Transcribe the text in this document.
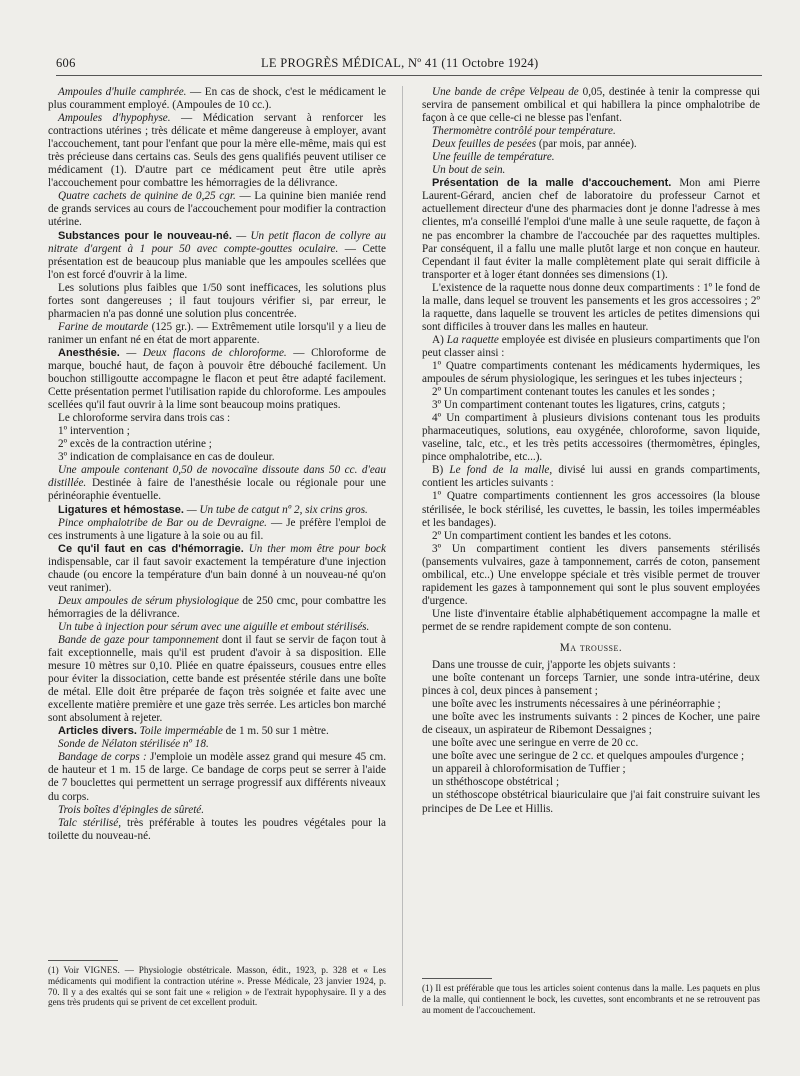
606	LE PROGRÈS MÉDICAL, Nº 41 (11 Octobre 1924)

Ampoules d'huile camphrée. — En cas de shock, c'est le médicament le plus couramment employé. (Ampoules de 10 cc.).

Ampoules d'hypophyse. — Médication servant à renforcer les contractions utérines ; très délicate et même dangereuse à employer, avant l'accouchement, tant pour l'enfant que pour la mère elle-même, mais qui est très précieuse dans certains cas. Seuls des gens qualifiés peuvent utiliser ce médicament (1). D'autre part ce médicament peut être utile après l'accouchement pour combattre les hémorragies de la délivrance.

Quatre cachets de quinine de 0,25 cgr. — La quinine bien maniée rend de grands services au cours de l'accouchement pour modifier la contraction utérine.

Substances pour le nouveau-né. — Un petit flacon de collyre au nitrate d'argent à 1 pour 50 avec compte-gouttes oculaire. — Cette présentation est de beaucoup plus maniable que les ampoules scellées que l'on est forcé d'ouvrir à la lime.

Les solutions plus faibles que 1/50 sont inefficaces, les solutions plus fortes sont dangereuses ; il faut toujours vérifier si, par erreur, le pharmacien n'a pas donné une solution plus concentrée.

Farine de moutarde (125 gr.). — Extrêmement utile lorsqu'il y a lieu de ranimer un enfant né en état de mort apparente.

Anesthésie. — Deux flacons de chloroforme. — Chloroforme de marque, bouché haut, de façon à pouvoir être débouché facilement. Un bouchon stilligoutte accompagne le flacon et peut être adapté facilement. Cette présentation permet l'utilisation rapide du chloroforme. Les ampoules scellées qu'il faut ouvrir à la lime sont beaucoup moins pratiques.

Le chloroforme servira dans trois cas :

1º intervention ;

2º excès de la contraction utérine ;

3º indication de complaisance en cas de douleur.

Une ampoule contenant 0,50 de novocaïne dissoute dans 50 cc. d'eau distillée. Destinée à faire de l'anesthésie locale ou régionale pour une périnéoraphie éventuelle.

Ligatures et hémostase. — Un tube de catgut nº 2, six crins gros.

Pince omphalotribe de Bar ou de Devraigne. — Je préfère l'emploi de ces instruments à une ligature à la soie ou au fil.

Ce qu'il faut en cas d'hémorragie. Un ther mom être pour bock indispensable, car il faut savoir exactement la température d'une injection chaude (ou encore la température d'un bain donné à un nouveau-né qu'on veut ranimer).

Deux ampoules de sérum physiologique de 250 cmc, pour combattre les hémorragies de la délivrance.

Un tube à injection pour sérum avec une aiguille et embout stérilisés.

Bande de gaze pour tamponnement dont il faut se servir de façon tout à fait exceptionnelle, mais qu'il est prudent d'avoir à sa disposition. Elle mesure 10 mètres sur 0,10. Pliée en quatre épaisseurs, cousues entre elles pour éviter la dissociation, cette bande est présentée stérile dans une boîte de métal. Elle doit être préparée de façon très soignée et faite avec une excellente matière première et une gaze très serrée. Les articles bon marché sont absolument à rejeter.

Articles divers. Toile imperméable de 1 m. 50 sur 1 mètre.

Sonde de Nélaton stérilisée nº 18.

Bandage de corps : J'emploie un modèle assez grand qui mesure 45 cm. de hauteur et 1 m. 15 de large. Ce bandage de corps peut se serrer à l'aide de 7 bouclettes qui permettent un serrage progressif aux différents niveaux du corps.

Trois boîtes d'épingles de sûreté.

Talc stérilisé, très préférable à toutes les poudres végétales pour la toilette du nouveau-né.

Une bande de crêpe Velpeau de 0,05, destinée à tenir la compresse qui servira de pansement ombilical et qui habillera la pince omphalotribe de façon à ce que celle-ci ne blesse pas l'enfant.

Thermomètre contrôlé pour température.

Deux feuilles de pesées (par mois, par année).

Une feuille de température.

Un bout de sein.

Présentation de la malle d'accouchement. Mon ami Pierre Laurent-Gérard, ancien chef de laboratoire du professeur Carnot et actuellement directeur d'une des pharmacies dont je donne l'adresse à mes clientes, m'a conseillé l'emploi d'une malle à une seule raquette, de façon à ne pas encombrer la chambre de l'accouchée par des raquettes multiples. Par conséquent, il a fallu une malle plutôt large et non conçue en hauteur. Cependant il faut éviter la malle complètement plate qui serait difficile à transporter et à loger étant données ses dimensions (1).

L'existence de la raquette nous donne deux compartiments : 1º le fond de la malle, dans lequel se trouvent les pansements et les gros accessoires ; 2º la raquette, dans laquelle se trouvent les articles de petites dimensions qui sont difficiles à trouver dans les malles en hauteur.

A) La raquette employée est divisée en plusieurs compartiments que l'on peut classer ainsi :

1º Quatre compartiments contenant les médicaments hydermiques, les ampoules de sérum physiologique, les seringues et les tubes injecteurs ;

2º Un compartiment contenant toutes les canules et les sondes ;

3º Un compartiment contenant toutes les ligatures, crins, catguts ;

4º Un compartiment à plusieurs divisions contenant tous les produits pharmaceutiques, solutions, eau oxygénée, chloroforme, savon liquide, vaseline, talc, etc., et les très petits accessoires (thermomètres, épingles, pince omphalotribe, etc...).

B) Le fond de la malle, divisé lui aussi en grands compartiments, contient les articles suivants :

1º Quatre compartiments contiennent les gros accessoires (la blouse stérilisée, le bock stérilisé, les cuvettes, le bassin, les toiles imperméables et les bandages).

2º Un compartiment contient les bandes et les cotons.

3º Un compartiment contient les divers pansements stérilisés (pansements vulvaires, gaze à tamponnement, carrés de coton, pansement ombilical, etc..) Une enveloppe spéciale et très visible permet de trouver rapidement les gazes à tamponnement qui sont le plus souvent employées d'urgence.

Une liste d'inventaire établie alphabétiquement accompagne la malle et permet de se rendre rapidement compte de son contenu.

Ma trousse.

Dans une trousse de cuir, j'apporte les objets suivants :

une boîte contenant un forceps Tarnier, une sonde intra-utérine, deux pinces à col, deux pinces à pansement ;

une boîte avec les instruments nécessaires à une périnéorraphie ;

une boîte avec les instruments suivants : 2 pinces de Kocher, une paire de ciseaux, un aspirateur de Ribemont Dessaignes ;

une boîte avec une seringue en verre de 20 cc.

une boîte avec une seringue de 2 cc. et quelques ampoules d'urgence ;

un appareil à chloroformisation de Tuffier ;

un sthéthoscope obstétrical ;

un stéthoscope obstétrical biauriculaire que j'ai fait construire suivant les principes de De Lee et Hillis.

(1) Voir VIGNES. — Physiologie obstétricale. Masson, édit., 1923, p. 328 et « Les médicaments qui modifient la contraction utérine ». Presse Médicale, 23 janvier 1924, p. 70. Il y a des exaltés qui se sont fait une « religion » de l'extrait hypophysaire. Il y a des gens très prudents qui se privent de cet excellent produit.
(1) Il est préférable que tous les articles soient contenus dans la malle. Les paquets en plus de la malle, qui contiennent le bock, les cuvettes, sont encombrants et ne se retrouvent pas au moment de l'accouchement.
